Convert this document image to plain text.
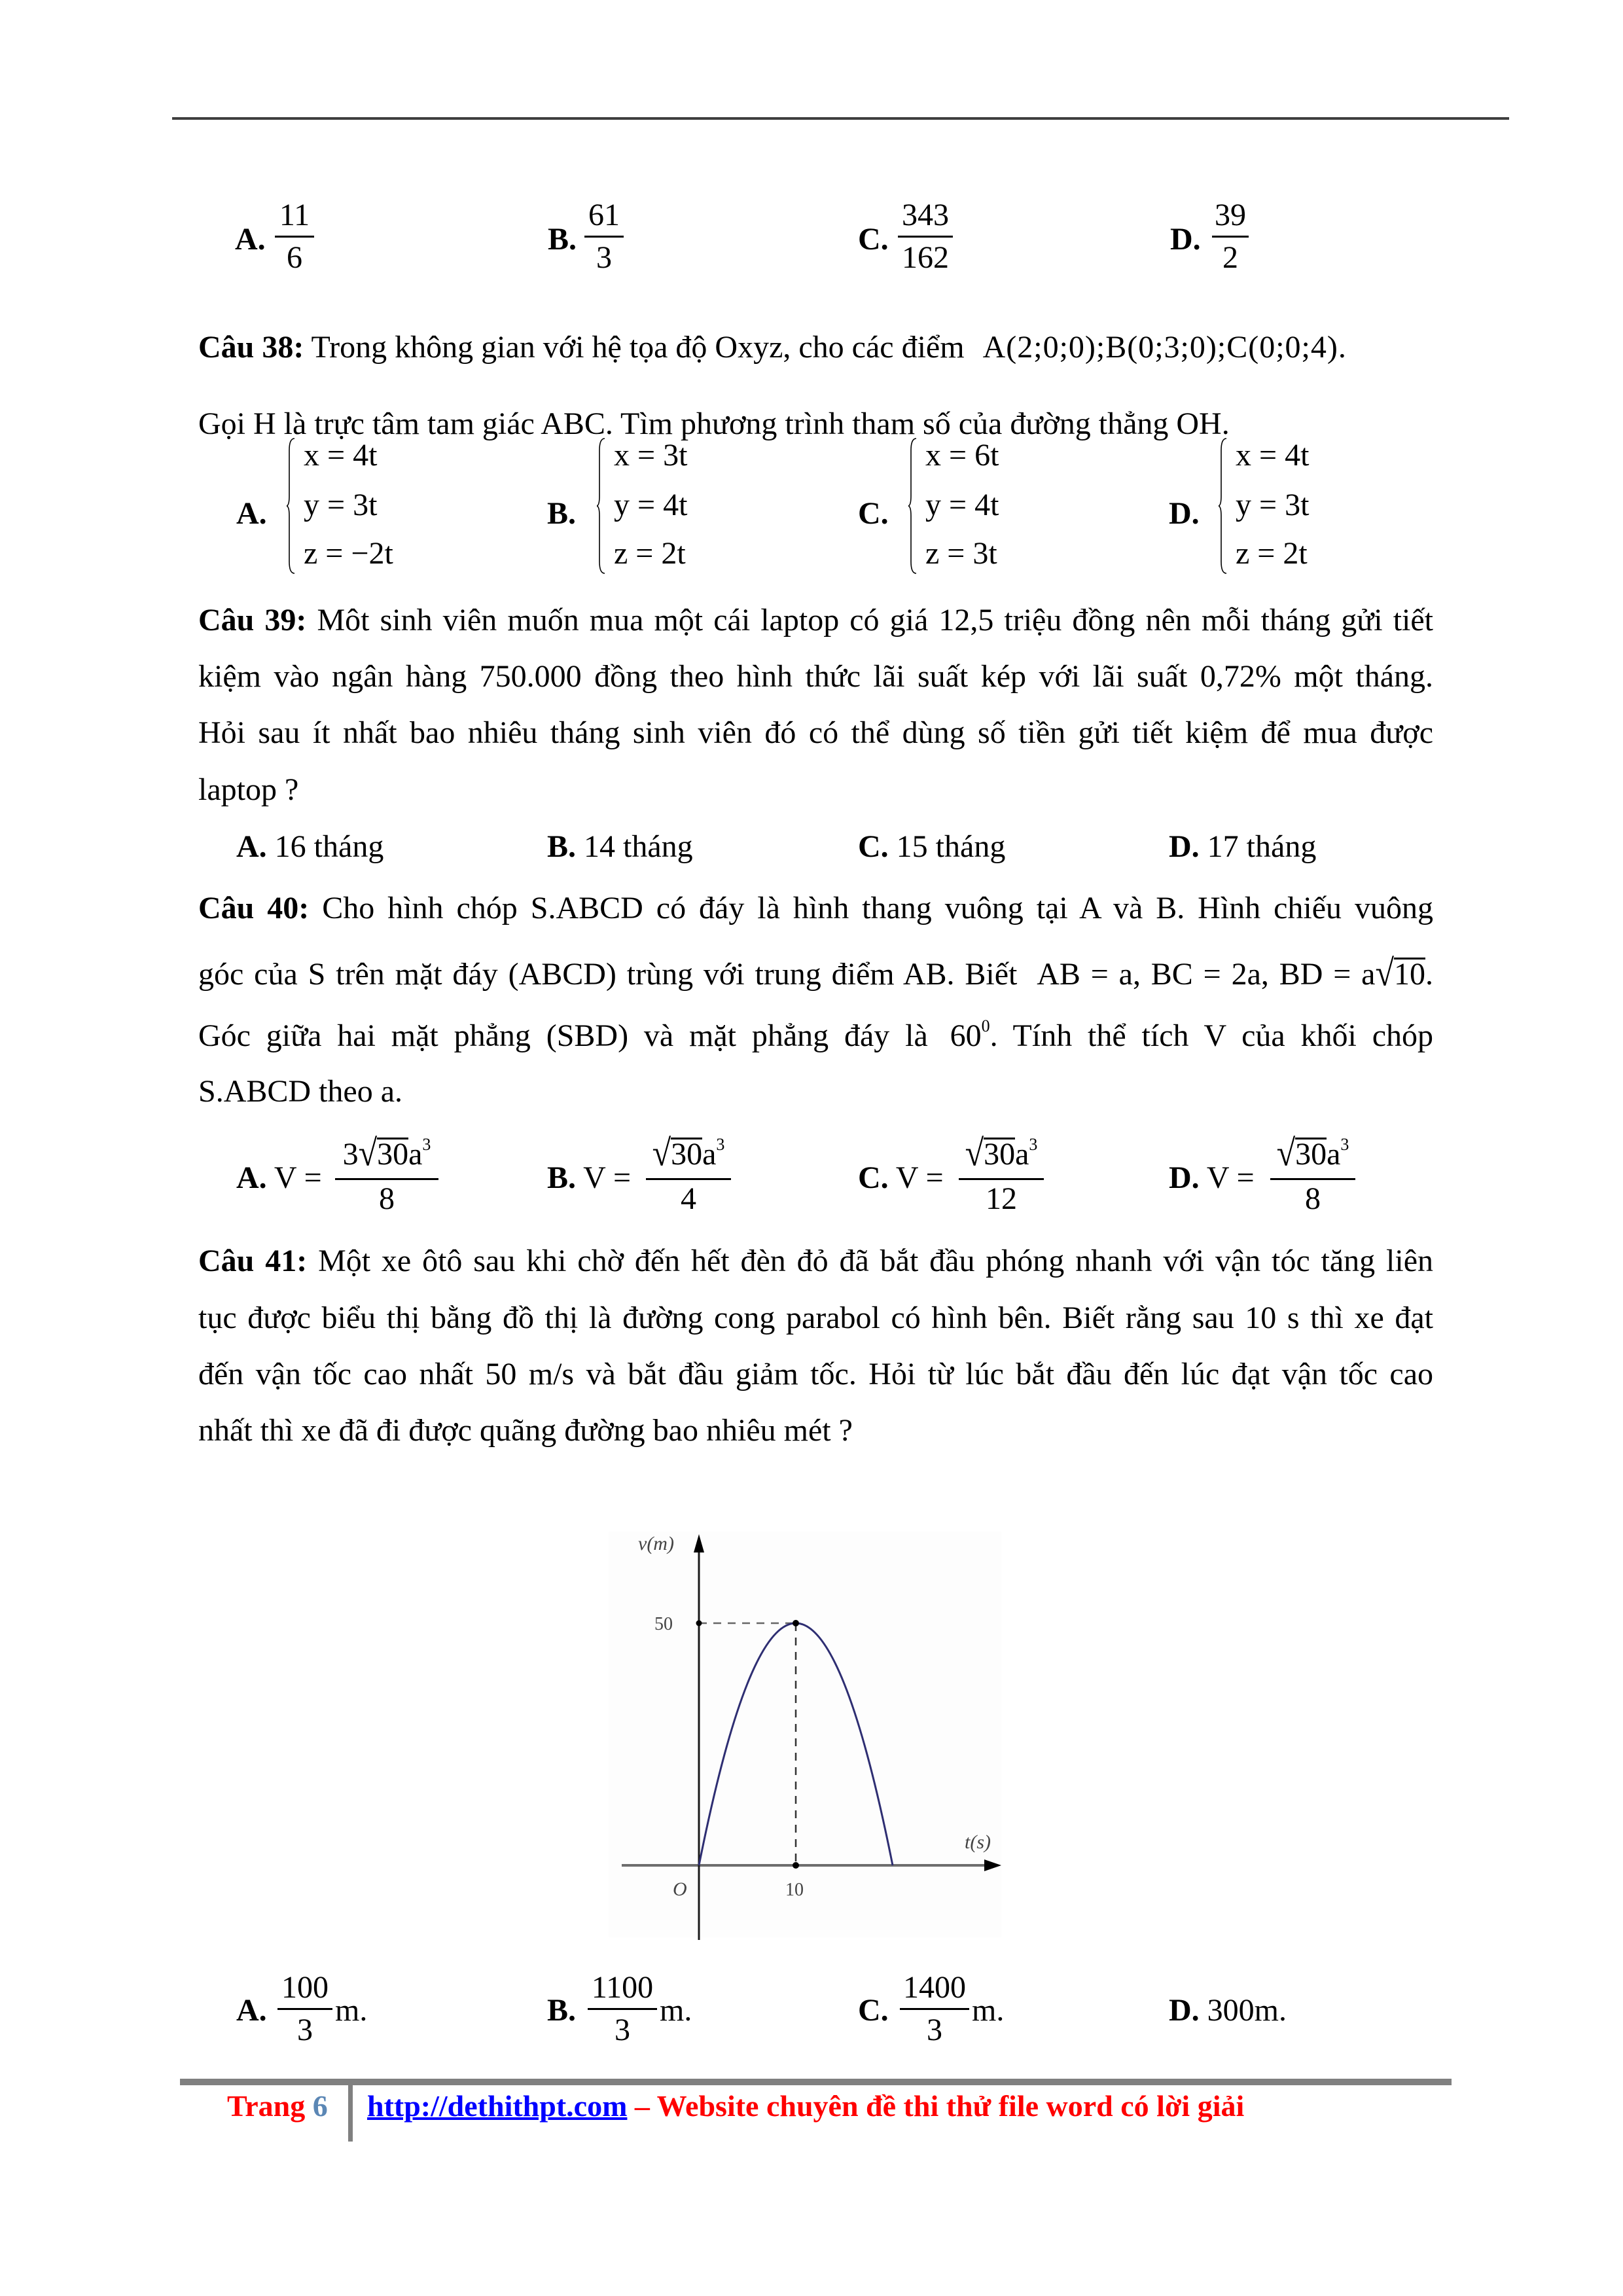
A.
11
6
B.
61
3
C.
343
162
D.
39
2
Câu 38: Trong không gian với hệ tọa độ Oxyz, cho các điểm A(2;0;0);B(0;3;0);C(0;0;4).
Gọi H là trực tâm tam giác ABC. Tìm phương trình tham số của đường thẳng OH.
A.
x = 4t
y = 3t
z = −2t
B.
x = 3t
y = 4t
z = 2t
C.
x = 6t
y = 4t
z = 3t
D.
x = 4t
y = 3t
z = 2t
Câu 39: Môt sinh viên muốn mua một cái laptop có giá 12,5 triệu đồng nên mỗi tháng gửi tiết
kiệm vào ngân hàng 750.000 đồng theo hình thức lãi suất kép với lãi suất 0,72% một tháng.
Hỏi sau ít nhất bao nhiêu tháng sinh viên đó có thể dùng số tiền gửi tiết kiệm để mua được
laptop ?
A. 16 tháng	B. 14 tháng	C. 15 tháng	D. 17 tháng
Câu 40: Cho hình chóp S.ABCD có đáy là hình thang vuông tại A và B. Hình chiếu vuông
góc của S trên mặt đáy (ABCD) trùng với trung điểm AB. Biết AB = a, BC = 2a, BD = a√10.
Góc giữa hai mặt phẳng (SBD) và mặt phẳng đáy là $60^0$. Tính thể tích V của khối chóp
S.ABCD theo a.
A. V =
$3√30a^3$
8
B. V =
$√30a^3$
4
C. V =
$√30a^3$
12
D. V =
$√30a^3$
8
Câu 41: Một xe ôtô sau khi chờ đến hết đèn đỏ đã bắt đầu phóng nhanh với vận tóc tăng liên
tục được biểu thị bằng đồ thị là đường cong parabol có hình bên. Biết rằng sau 10 s thì xe đạt
đến vận tốc cao nhất 50 m/s và bắt đầu giảm tốc. Hỏi từ lúc bắt đầu đến lúc đạt vận tốc cao
nhất thì xe đã đi được quãng đường bao nhiêu mét ?
v(m)
50
t(s)
O	10
A.
100
3
m.	B.
1100
3
m.	C.
1400
3
m.	D. 300m.
Trang 6 http://dethithpt.com – Website chuyên đề thi thử file word có lời giải
